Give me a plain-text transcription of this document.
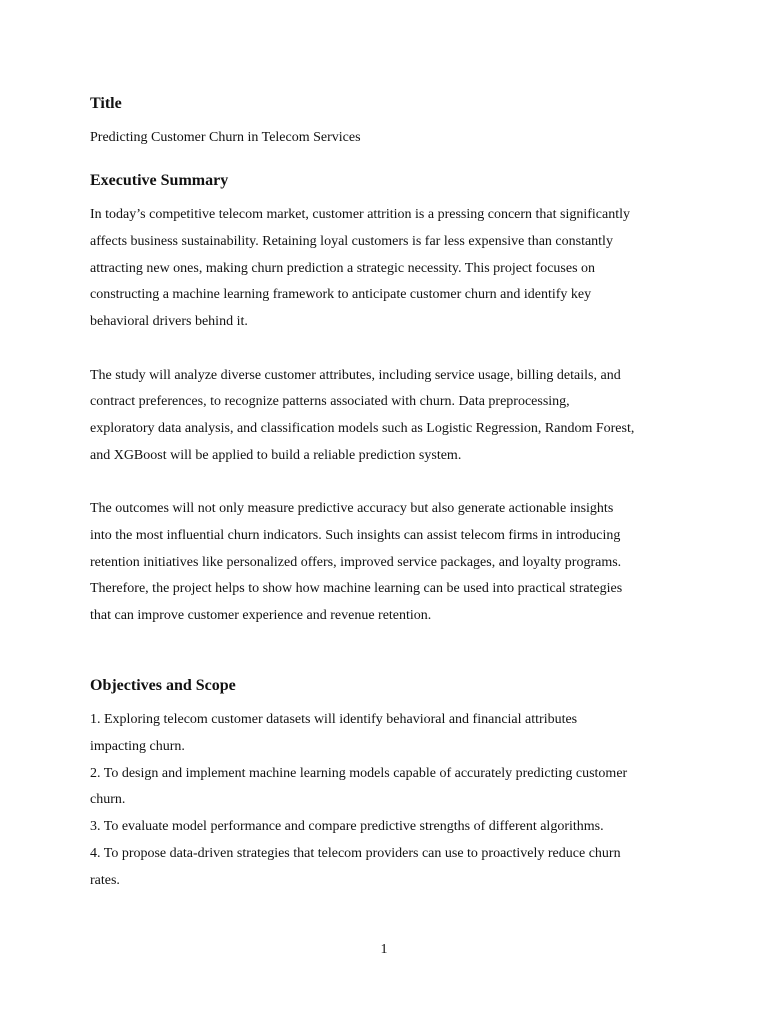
Title
Predicting Customer Churn in Telecom Services
Executive Summary
In today’s competitive telecom market, customer attrition is a pressing concern that significantly
affects business sustainability. Retaining loyal customers is far less expensive than constantly
attracting new ones, making churn prediction a strategic necessity. This project focuses on
constructing a machine learning framework to anticipate customer churn and identify key
behavioral drivers behind it.
The study will analyze diverse customer attributes, including service usage, billing details, and
contract preferences, to recognize patterns associated with churn. Data preprocessing,
exploratory data analysis, and classification models such as Logistic Regression, Random Forest,
and XGBoost will be applied to build a reliable prediction system.
The outcomes will not only measure predictive accuracy but also generate actionable insights
into the most influential churn indicators. Such insights can assist telecom firms in introducing
retention initiatives like personalized offers, improved service packages, and loyalty programs.
Therefore, the project helps to show how machine learning can be used into practical strategies
that can improve customer experience and revenue retention.
Objectives and Scope
1. Exploring telecom customer datasets will identify behavioral and financial attributes
impacting churn.
2. To design and implement machine learning models capable of accurately predicting customer
churn.
3. To evaluate model performance and compare predictive strengths of different algorithms.
4. To propose data-driven strategies that telecom providers can use to proactively reduce churn
rates.
1
